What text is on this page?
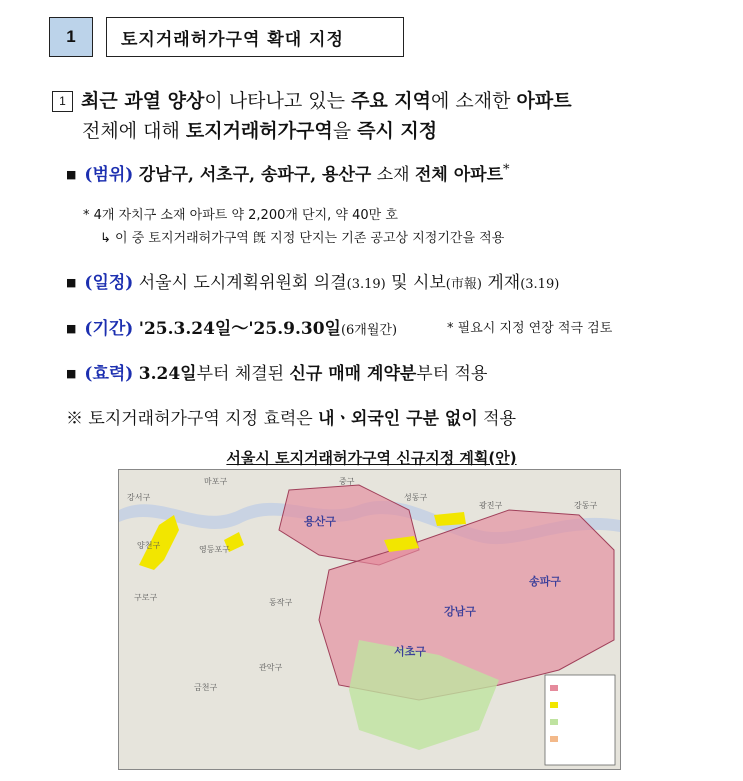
1	토지거래허가구역 확대 지정
1 최근 과열 양상이 나타나고 있는 주요 지역에 소재한 아파트
전체에 대해 토지거래허가구역을 즉시 지정
■ (범위) 강남구, 서초구, 송파구, 용산구 소재 전체 아파트*
* 4개 자치구 소재 아파트 약 2,200개 단지, 약 40만 호
↳ 이 중 토지거래허가구역 旣 지정 단지는 기존 공고상 지정기간을 적용
■ (일정) 서울시 도시계획위원회 의결(3.19) 및 시보(市報) 게재(3.19)
■ (기간) '25.3.24일～'25.9.30일(6개월간)	* 필요시 지정 연장 적극 검토
■ (효력) 3.24일부터 체결된 신규 매매 계약분부터 적용
※ 토지거래허가구역 지정 효력은 내ㆍ외국인 구분 없이 적용
서울시 토지거래허가구역 신규지정 계획(안)
마포구	중구
성동구
광진구	강동구
강서구
양천구	영등포구
구로구
동작구
관악구
금천구
용산구
강남구
서초구
송파구
